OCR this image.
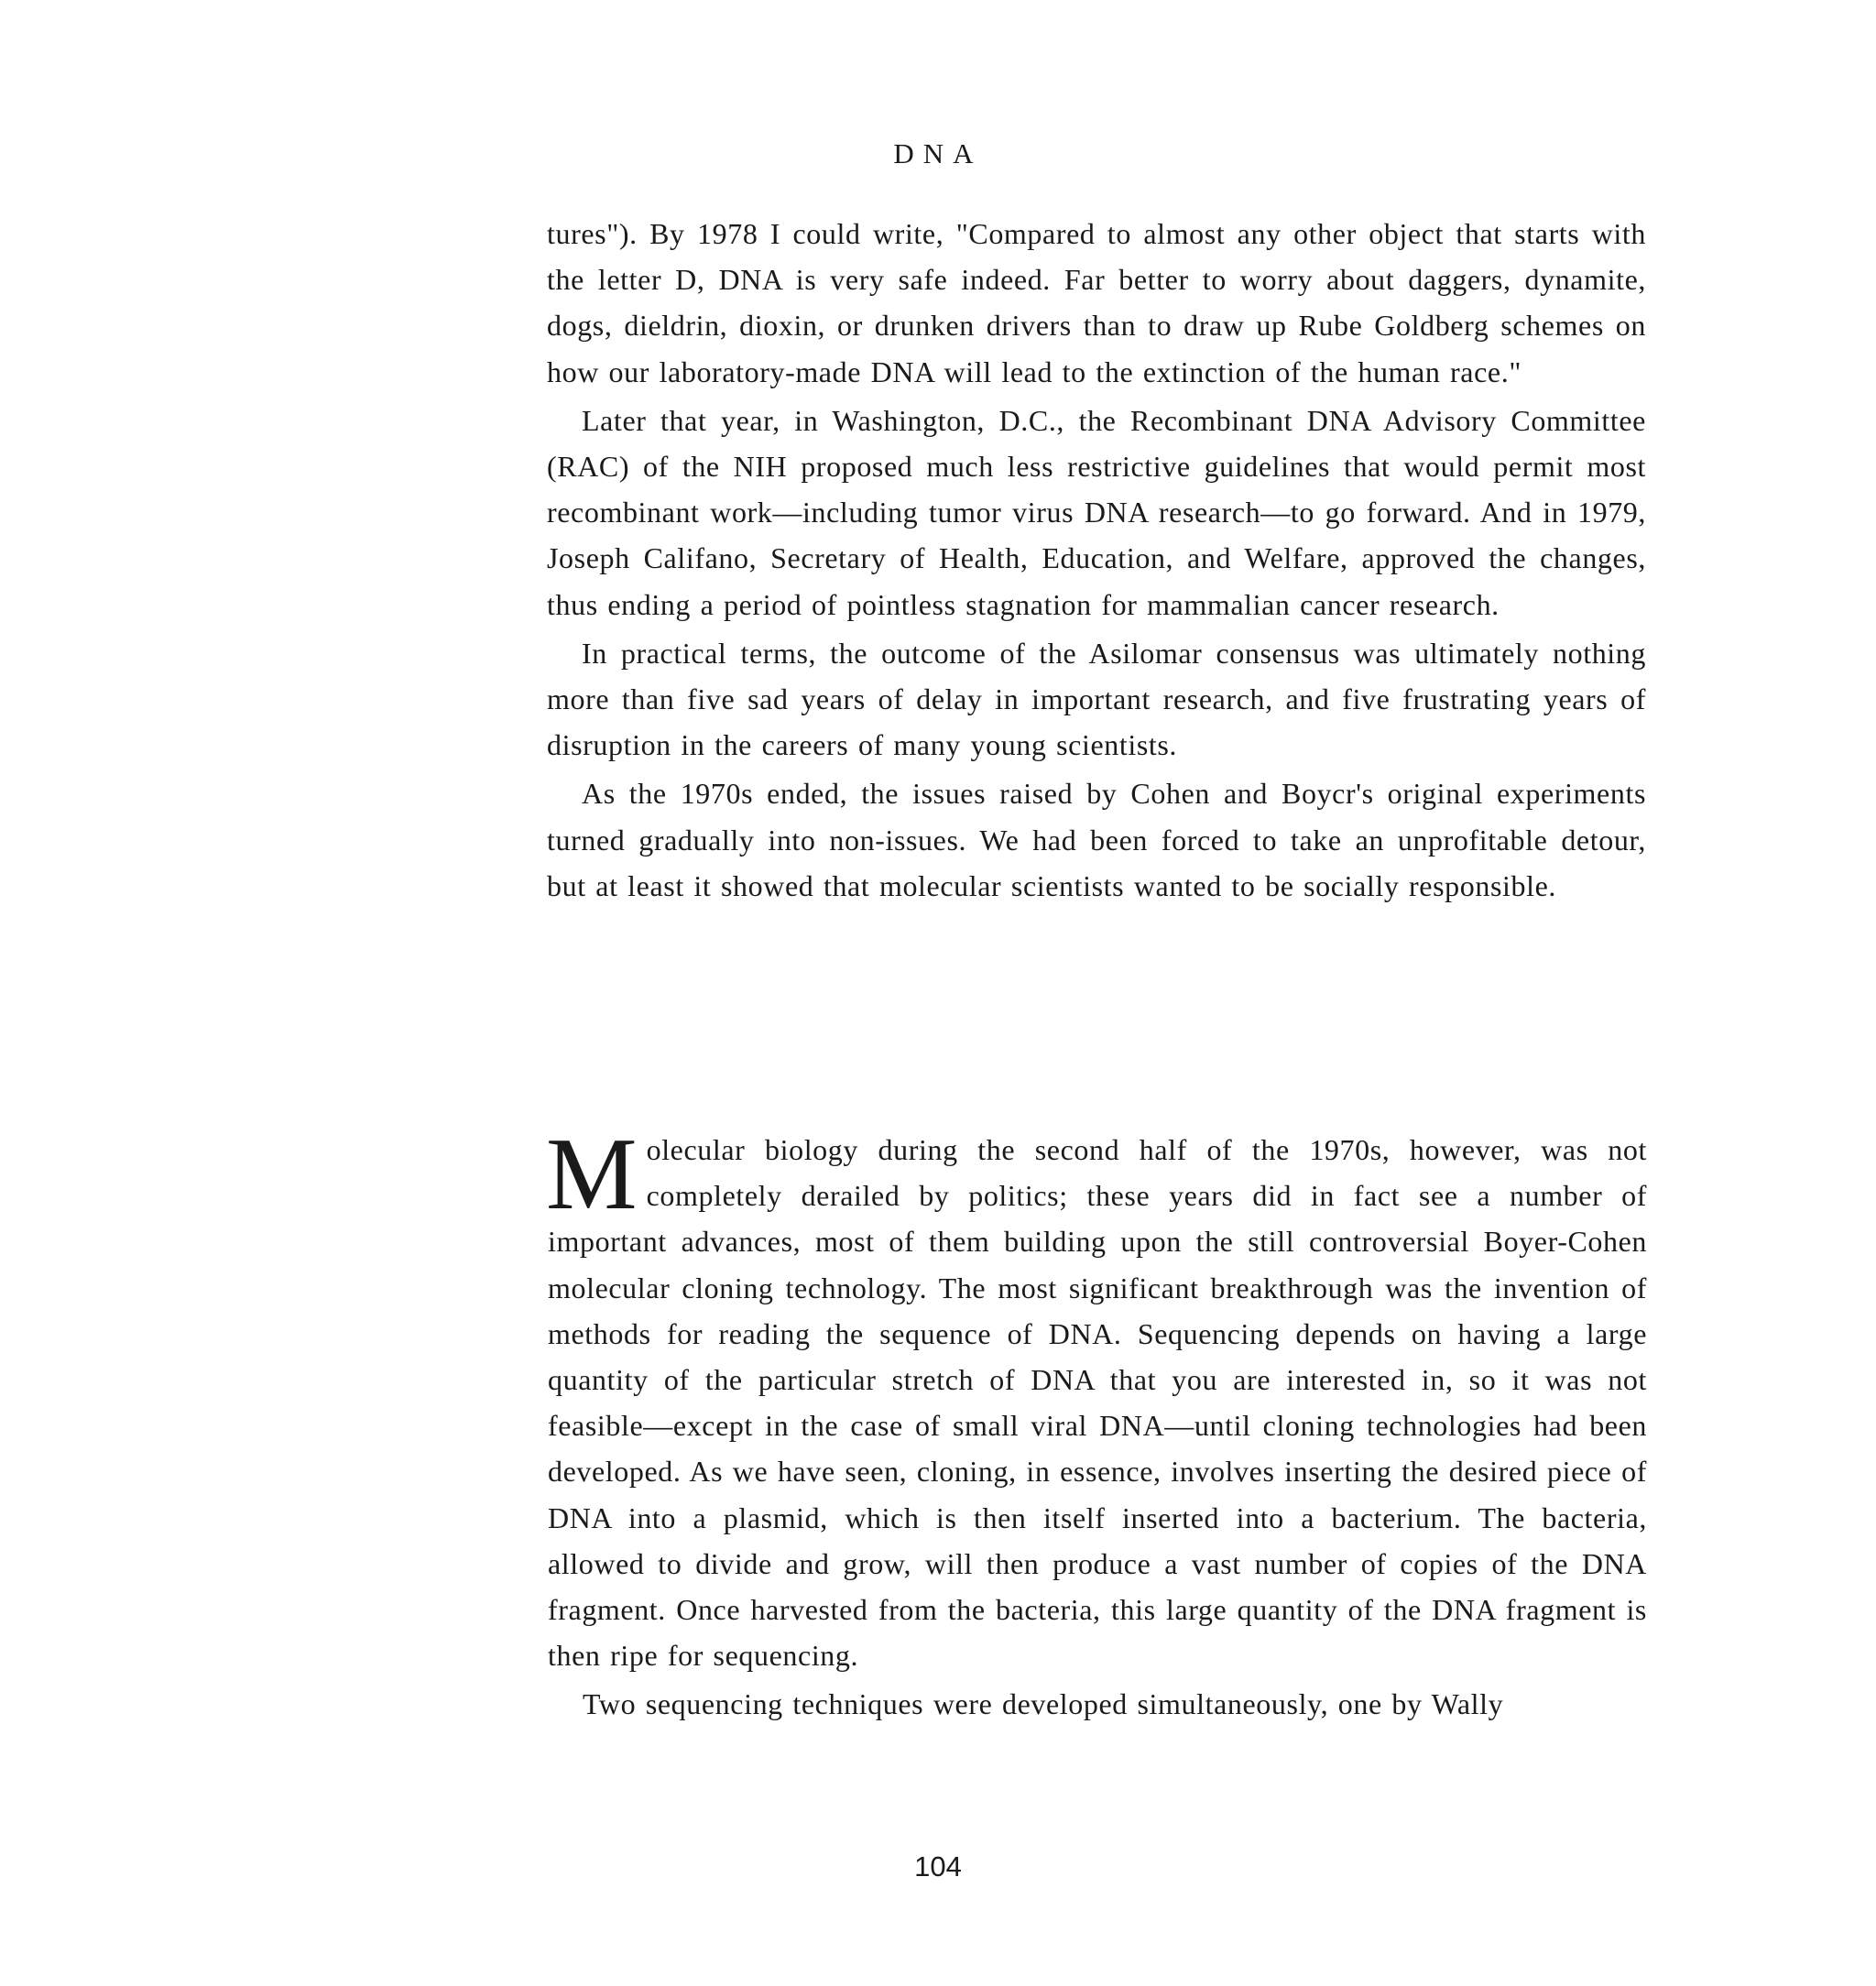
DNA

tures"). By 1978 I could write, "Compared to almost any other object that starts with the letter D, DNA is very safe indeed. Far better to worry about daggers, dynamite, dogs, dieldrin, dioxin, or drunken drivers than to draw up Rube Goldberg schemes on how our laboratory-made DNA will lead to the extinction of the human race."

Later that year, in Washington, D.C., the Recombinant DNA Advisory Committee (RAC) of the NIH proposed much less restrictive guidelines that would permit most recombinant work—including tumor virus DNA research—to go forward. And in 1979, Joseph Califano, Secretary of Health, Education, and Welfare, approved the changes, thus ending a period of pointless stagnation for mammalian cancer research.

In practical terms, the outcome of the Asilomar consensus was ultimately nothing more than five sad years of delay in important research, and five frustrating years of disruption in the careers of many young scientists.

As the 1970s ended, the issues raised by Cohen and Boycr's original experiments turned gradually into non-issues. We had been forced to take an unprofitable detour, but at least it showed that molecular scientists wanted to be socially responsible.

Molecular biology during the second half of the 1970s, however, was not completely derailed by politics; these years did in fact see a number of important advances, most of them building upon the still controversial Boyer-Cohen molecular cloning technology. The most significant breakthrough was the invention of methods for reading the sequence of DNA. Sequencing depends on having a large quantity of the particular stretch of DNA that you are interested in, so it was not feasible—except in the case of small viral DNA—until cloning technologies had been developed. As we have seen, cloning, in essence, involves inserting the desired piece of DNA into a plasmid, which is then itself inserted into a bacterium. The bacteria, allowed to divide and grow, will then produce a vast number of copies of the DNA fragment. Once harvested from the bacteria, this large quantity of the DNA fragment is then ripe for sequencing.

Two sequencing techniques were developed simultaneously, one by Wally

104
